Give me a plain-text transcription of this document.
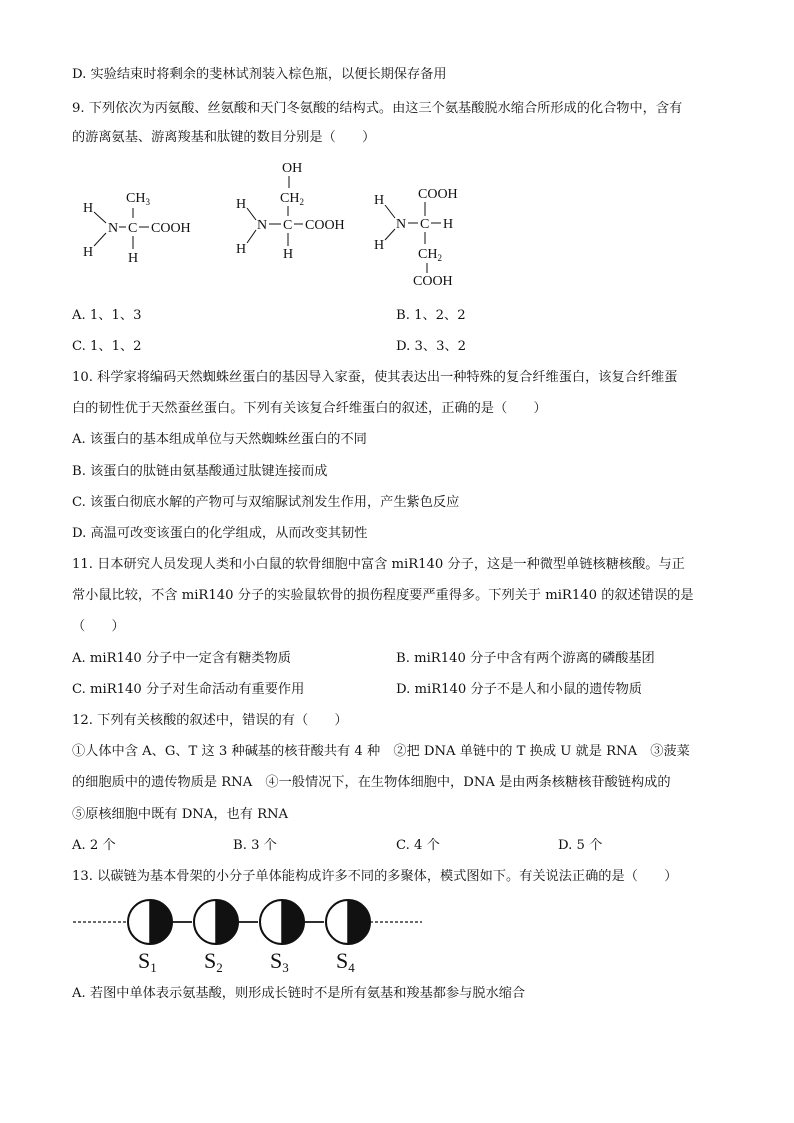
D. 实验结束时将剩余的斐林试剂装入棕色瓶，以便长期保存备用
9. 下列依次为丙氨酸、丝氨酸和天门冬氨酸的结构式。由这三个氨基酸脱水缩合所形成的化合物中，含有
的游离氨基、游离羧基和肽键的数目分别是（　　）
H
N
H
C
H
$CH_3$
COOH
OH
$CH_2$
H
N
H
C
H
COOH
COOH
H
N
H
C H
$CH_2$
COOH
A. 1、1、3	B. 1、2、2
C. 1、1、2	D. 3、3、2
10. 科学家将编码天然蜘蛛丝蛋白的基因导入家蚕，使其表达出一种特殊的复合纤维蛋白，该复合纤维蛋
白的韧性优于天然蚕丝蛋白。下列有关该复合纤维蛋白的叙述，正确的是（　　）
A. 该蛋白的基本组成单位与天然蜘蛛丝蛋白的不同
B. 该蛋白的肽链由氨基酸通过肽键连接而成
C. 该蛋白彻底水解的产物可与双缩脲试剂发生作用，产生紫色反应
D. 高温可改变该蛋白的化学组成，从而改变其韧性
11. 日本研究人员发现人类和小白鼠的软骨细胞中富含 miR140 分子，这是一种微型单链核糖核酸。与正
常小鼠比较，不含 miR140 分子的实验鼠软骨的损伤程度要严重得多。下列关于 miR140 的叙述错误的是
（　　）
A. miR140 分子中一定含有糖类物质	B. miR140 分子中含有两个游离的磷酸基团
C. miR140 分子对生命活动有重要作用	D. miR140 分子不是人和小鼠的遗传物质
12. 下列有关核酸的叙述中，错误的有（　　）
①人体中含 A、G、T 这 3 种碱基的核苷酸共有 4 种　②把 DNA 单链中的 T 换成 U 就是 RNA　③菠菜
的细胞质中的遗传物质是 RNA　④一般情况下，在生物体细胞中，DNA 是由两条核糖核苷酸链构成的
⑤原核细胞中既有 DNA，也有 RNA
A. 2 个	B. 3 个	C. 4 个	D. 5 个
13. 以碳链为基本骨架的小分子单体能构成许多不同的多聚体，模式图如下。有关说法正确的是（　　）
S1 S2 S3 S4
A. 若图中单体表示氨基酸，则形成长链时不是所有氨基和羧基都参与脱水缩合
